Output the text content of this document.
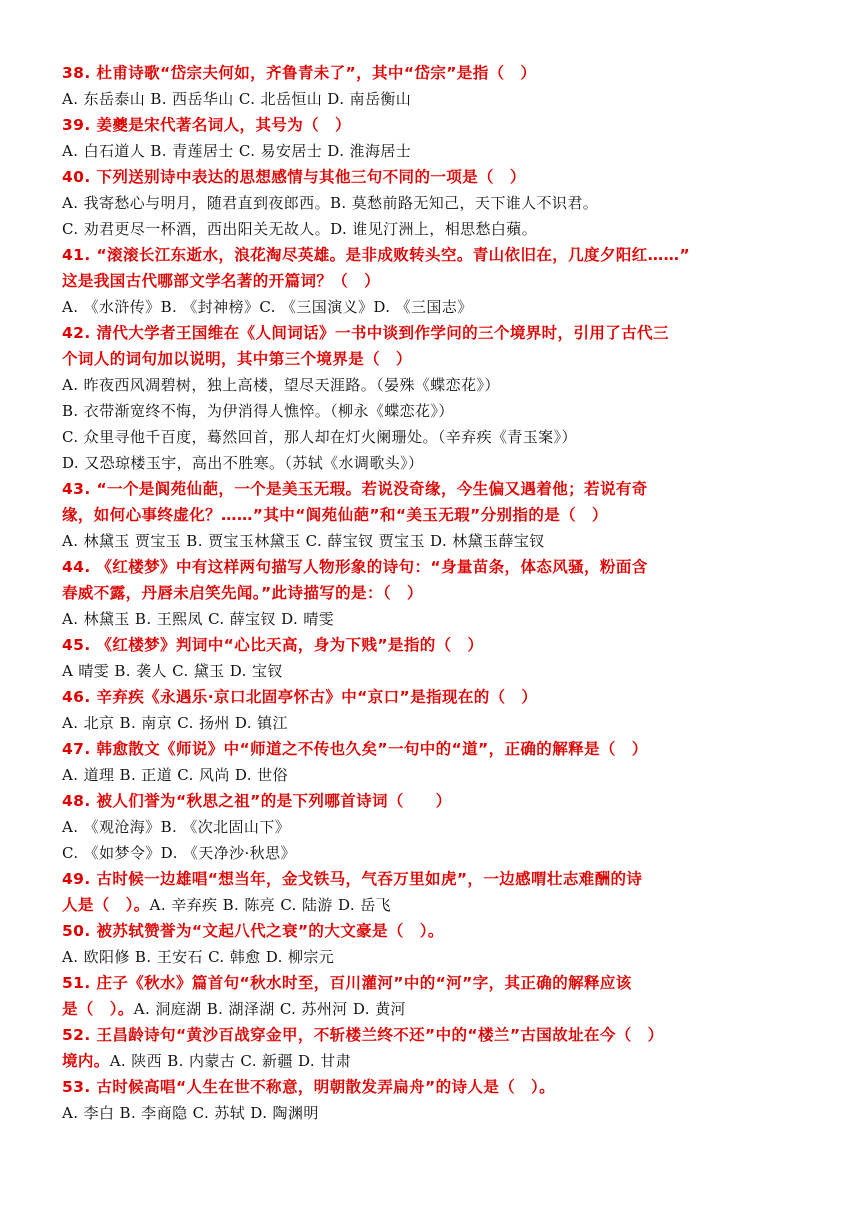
38. 杜甫诗歌“岱宗夫何如，齐鲁青未了”，其中“岱宗”是指（　）
A. 东岳泰山 B. 西岳华山 C. 北岳恒山 D. 南岳衡山
39. 姜夔是宋代著名词人，其号为（　）
A. 白石道人 B. 青莲居士 C. 易安居士 D. 淮海居士
40. 下列送别诗中表达的思想感情与其他三句不同的一项是（　）
A. 我寄愁心与明月，随君直到夜郎西。B. 莫愁前路无知己，天下谁人不识君。
C. 劝君更尽一杯酒，西出阳关无故人。D. 谁见汀洲上，相思愁白蘋。
41. “滚滚长江东逝水，浪花淘尽英雄。是非成败转头空。青山依旧在，几度夕阳红……”
这是我国古代哪部文学名著的开篇词？（　）
A. 《水浒传》B. 《封神榜》C. 《三国演义》D. 《三国志》
42. 清代大学者王国维在《人间词话》一书中谈到作学问的三个境界时，引用了古代三
个词人的词句加以说明，其中第三个境界是（　）
A. 昨夜西风凋碧树，独上高楼，望尽天涯路。（晏殊《蝶恋花》）
B. 衣带渐宽终不悔，为伊消得人憔悴。（柳永《蝶恋花》）
C. 众里寻他千百度，蓦然回首，那人却在灯火阑珊处。（辛弃疾《青玉案》）
D. 又恐琼楼玉宇，高出不胜寒。（苏轼《水调歌头》）
43. “一个是阆苑仙葩，一个是美玉无瑕。若说没奇缘，今生偏又遇着他；若说有奇
缘，如何心事终虚化？……”其中“阆苑仙葩”和“美玉无瑕”分别指的是（　）
A. 林黛玉 贾宝玉 B. 贾宝玉林黛玉 C. 薛宝钗 贾宝玉 D. 林黛玉薛宝钗
44. 《红楼梦》中有这样两句描写人物形象的诗句：“身量苗条，体态风骚，粉面含
春威不露，丹唇未启笑先闻。”此诗描写的是：（　）
A. 林黛玉 B. 王熙凤 C. 薛宝钗 D. 晴雯
45. 《红楼梦》判词中“心比天高，身为下贱”是指的（　）
A 晴雯 B. 袭人 C. 黛玉 D. 宝钗
46. 辛弃疾《永遇乐·京口北固亭怀古》中“京口”是指现在的（　）
A. 北京 B. 南京 C. 扬州 D. 镇江
47. 韩愈散文《师说》中“师道之不传也久矣”一句中的“道”，正确的解释是（　）
A. 道理 B. 正道 C. 风尚 D. 世俗
48. 被人们誉为“秋思之祖”的是下列哪首诗词（　　）
A. 《观沧海》B. 《次北固山下》
C. 《如梦令》D. 《天净沙·秋思》
49. 古时候一边雄唱“想当年，金戈铁马，气吞万里如虎”，一边感喟壮志难酬的诗
人是（　）。A. 辛弃疾 B. 陈亮 C. 陆游 D. 岳飞
50. 被苏轼赞誉为“文起八代之衰”的大文豪是（　）。
A. 欧阳修 B. 王安石 C. 韩愈 D. 柳宗元
51. 庄子《秋水》篇首句“秋水时至，百川灌河”中的“河”字，其正确的解释应该
是（　）。A. 洞庭湖 B. 湖泽湖 C. 苏州河 D. 黄河
52. 王昌龄诗句“黄沙百战穿金甲，不斩楼兰终不还”中的“楼兰”古国故址在今（　）
境内。A. 陕西 B. 内蒙古 C. 新疆 D. 甘肃
53. 古时候高唱“人生在世不称意，明朝散发弄扁舟”的诗人是（　）。
A. 李白 B. 李商隐 C. 苏轼 D. 陶渊明
